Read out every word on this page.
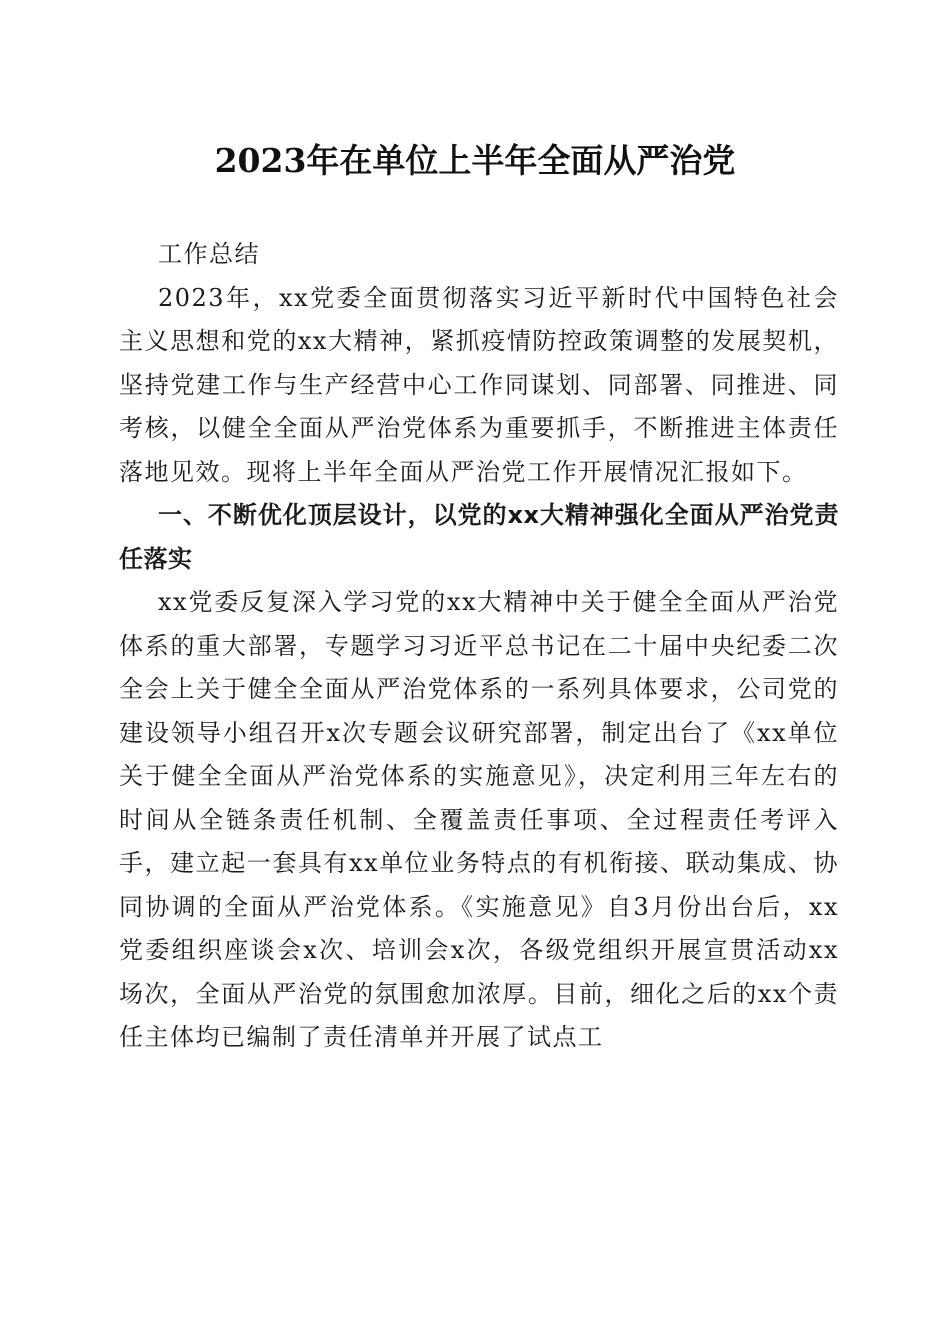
2023年在单位上半年全面从严治党

工作总结

2023年，xx党委全面贯彻落实习近平新时代中国特色社会主义思想和党的xx大精神，紧抓疫情防控政策调整的发展契机，坚持党建工作与生产经营中心工作同谋划、同部署、同推进、同考核，以健全全面从严治党体系为重要抓手，不断推进主体责任落地见效。现将上半年全面从严治党工作开展情况汇报如下。

一、不断优化顶层设计，以党的xx大精神强化全面从严治党责任落实

xx党委反复深入学习党的xx大精神中关于健全全面从严治党体系的重大部署，专题学习习近平总书记在二十届中央纪委二次全会上关于健全全面从严治党体系的一系列具体要求，公司党的建设领导小组召开x次专题会议研究部署，制定出台了《xx单位关于健全全面从严治党体系的实施意见》，决定利用三年左右的时间从全链条责任机制、全覆盖责任事项、全过程责任考评入手，建立起一套具有xx单位业务特点的有机衔接、联动集成、协同协调的全面从严治党体系。《实施意见》自3月份出台后，xx党委组织座谈会x次、培训会x次，各级党组织开展宣贯活动xx场次，全面从严治党的氛围愈加浓厚。目前，细化之后的xx个责任主体均已编制了责任清单并开展了试点工
